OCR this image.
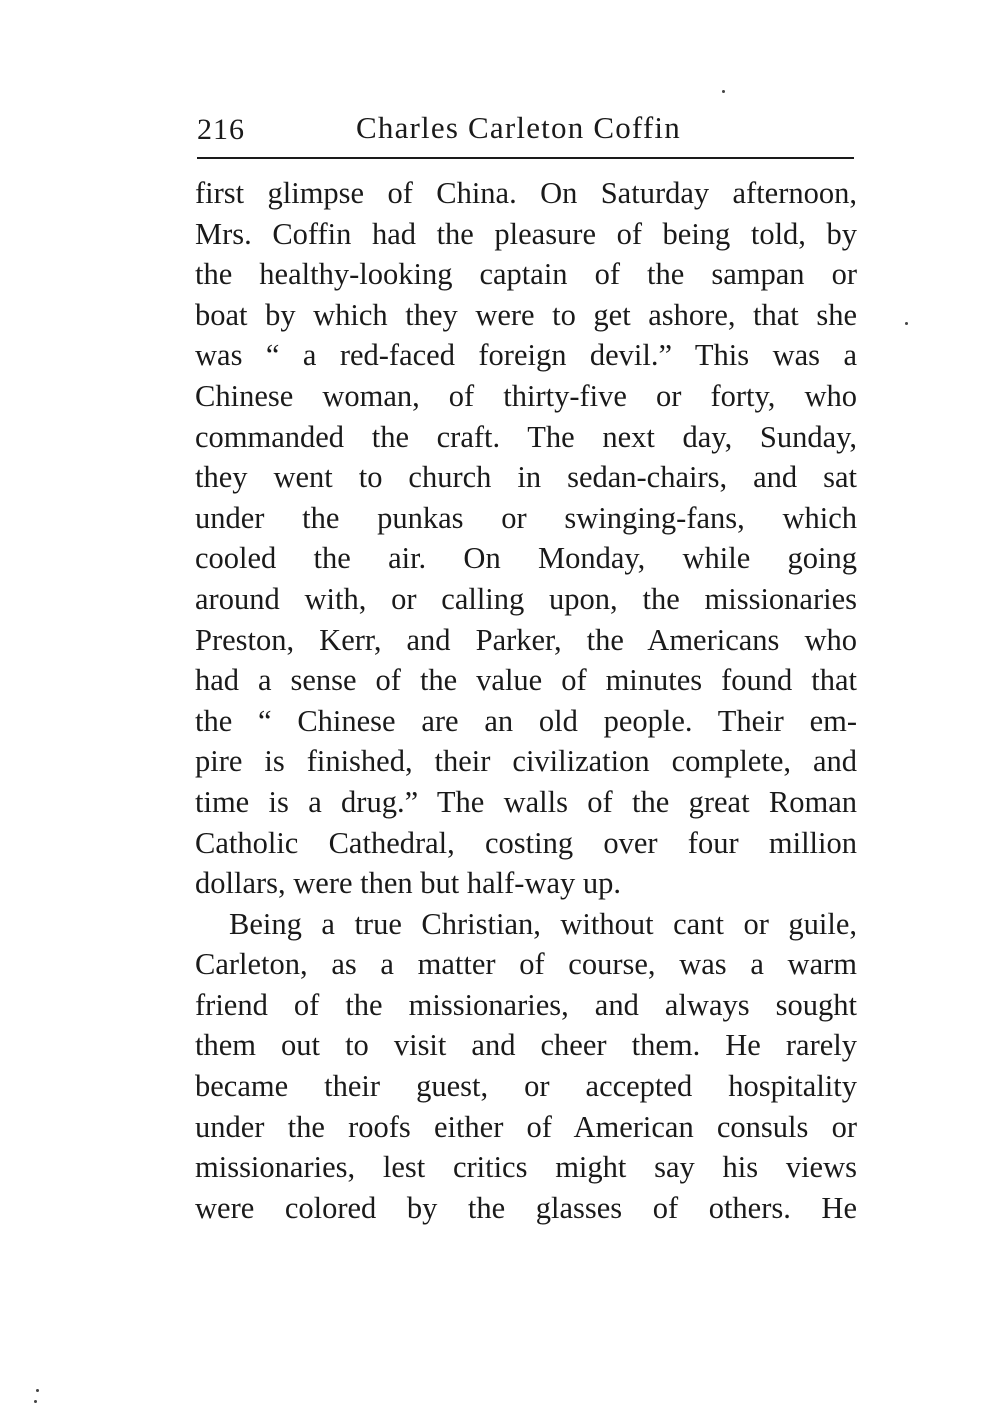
216	Charles Carleton Coffin
first glimpse of China. On Saturday afternoon,
Mrs. Coffin had the pleasure of being told, by
the healthy-looking captain of the sampan or
boat by which they were to get ashore, that she
was “ a red-faced foreign devil.” This was a
Chinese woman, of thirty-five or forty, who
commanded the craft. The next day, Sunday,
they went to church in sedan-chairs, and sat
under the punkas or swinging-fans, which
cooled the air. On Monday, while going
around with, or calling upon, the missionaries
Preston, Kerr, and Parker, the Americans who
had a sense of the value of minutes found that
the “ Chinese are an old people. Their em-
pire is finished, their civilization complete, and
time is a drug.” The walls of the great Roman
Catholic Cathedral, costing over four million
dollars, were then but half-way up.
Being a true Christian, without cant or guile,
Carleton, as a matter of course, was a warm
friend of the missionaries, and always sought
them out to visit and cheer them. He rarely
became their guest, or accepted hospitality
under the roofs either of American consuls or
missionaries, lest critics might say his views
were colored by the glasses of others. He
